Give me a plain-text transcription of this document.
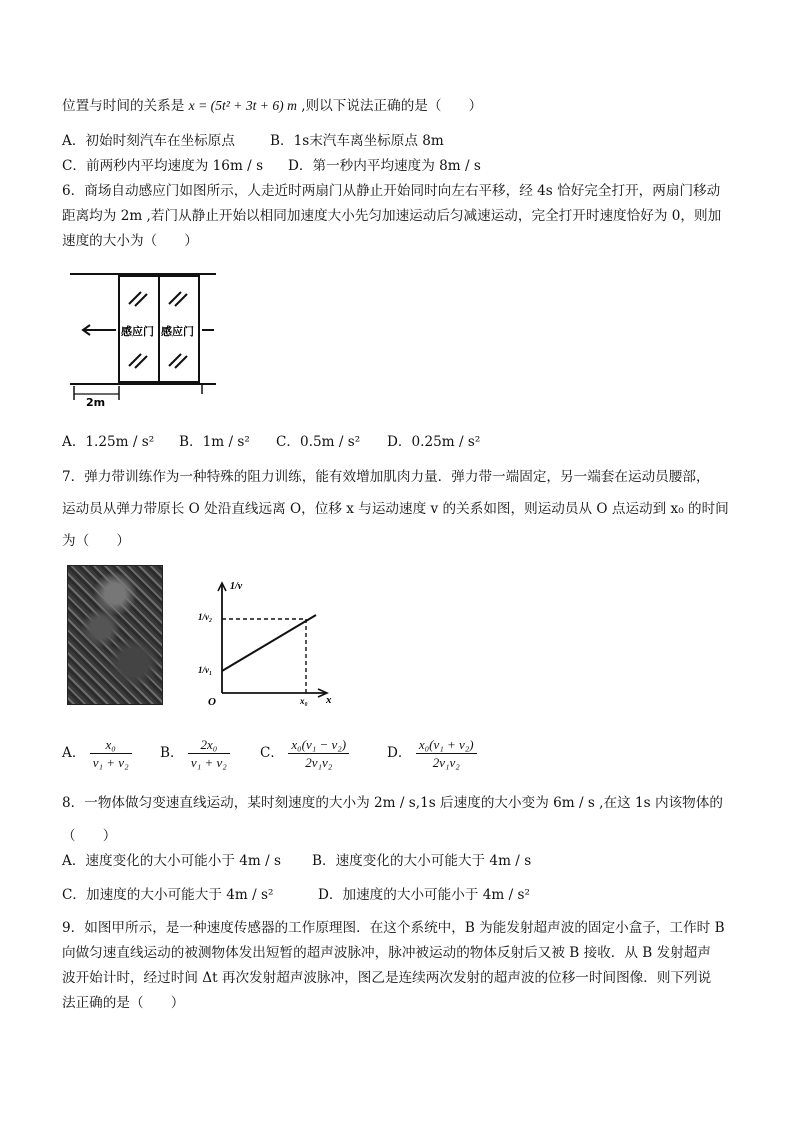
位置与时间的关系是 x = (5t² + 3t + 6) m ,则以下说法正确的是（　　）
A．初始时刻汽车在坐标原点	B．1s末汽车离坐标原点 8m
C．前两秒内平均速度为 16m / s D．第一秒内平均速度为 8m / s
6．商场自动感应门如图所示，人走近时两扇门从静止开始同时向左右平移，经 4s 恰好完全打开，两扇门移动
距离均为 2m ,若门从静止开始以相同加速度大小先匀加速运动后匀减速运动，完全打开时速度恰好为 0，则加
速度的大小为（　　）
感应门 感应门
2m
A．1.25m / s² B．1m / s² C．0.5m / s² D．0.25m / s²
7．弹力带训练作为一种特殊的阻力训练，能有效增加肌肉力量．弹力带一端固定，另一端套在运动员腰部，
运动员从弹力带原长 O 处沿直线远离 O，位移 x 与运动速度 v 的关系如图，则运动员从 O 点运动到 x₀ 的时间
为（　　）
1/v
x
O
1/v₂
1/v₁
x₀
A． $\frac{\text{x₀}}{\text{v₁ + v₂}}$ B． $\frac{\text{2x₀}}{\text{v₁ + v₂}}$ C． $\frac{\text{x₀(v₁ − v₂)}}{\text{2v₁v₂}}$	D． $\frac{\text{x₀(v₁ + v₂)}}{\text{2v₁v₂}}$
8．一物体做匀变速直线运动，某时刻速度的大小为 2m / s,1s 后速度的大小变为 6m / s ,在这 1s 内该物体的
（　　）
A．速度变化的大小可能小于 4m / s B．速度变化的大小可能大于 4m / s
C．加速度的大小可能大于 4m / s²	D．加速度的大小可能小于 4m / s²
9．如图甲所示，是一种速度传感器的工作原理图．在这个系统中，B 为能发射超声波的固定小盒子，工作时 B
向做匀速直线运动的被测物体发出短暂的超声波脉冲，脉冲被运动的物体反射后又被 B 接收．从 B 发射超声
波开始计时，经过时间 Δt 再次发射超声波脉冲，图乙是连续两次发射的超声波的位移一时间图像．则下列说
法正确的是（　　）
